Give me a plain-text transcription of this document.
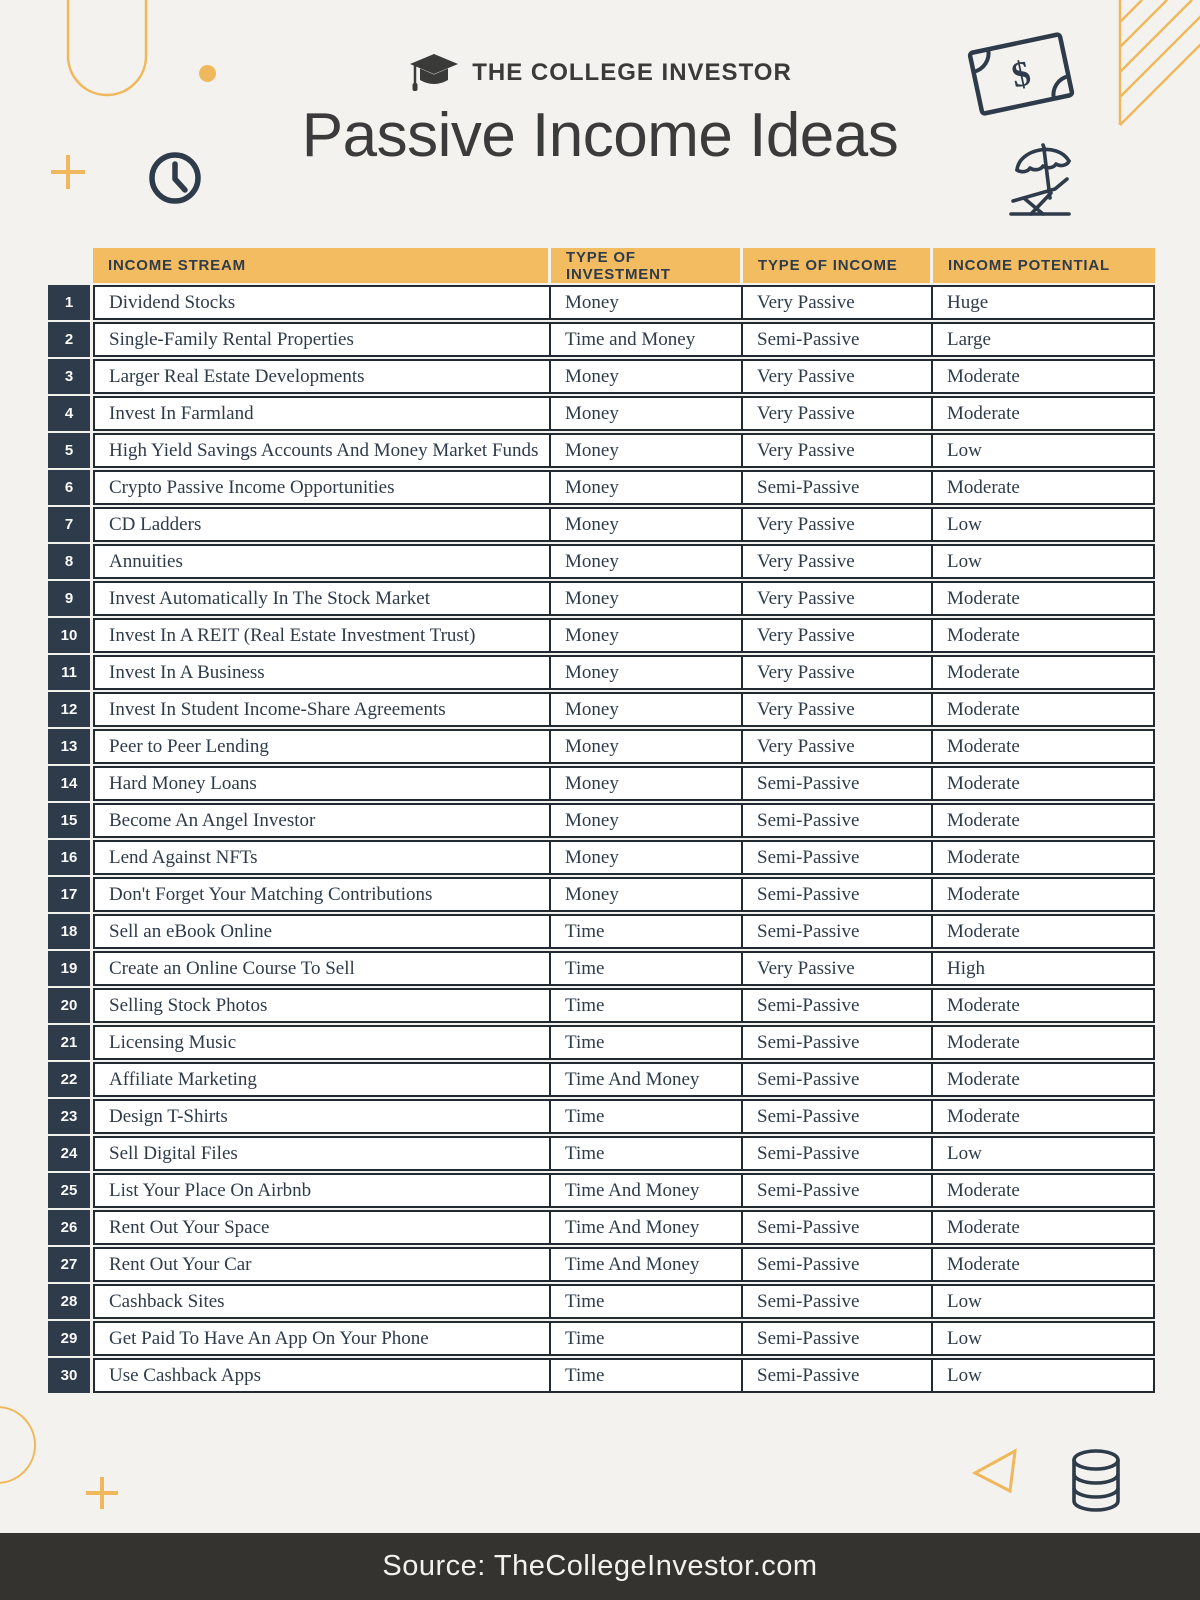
$
THE COLLEGE INVESTOR
Passive Income Ideas
INCOME STREAM	TYPE OF INVESTMENT	TYPE OF INCOME	INCOME POTENTIAL
1	Dividend Stocks	Money	Very Passive	Huge
2	Single-Family Rental Properties	Time and Money	Semi-Passive	Large
3	Larger Real Estate Developments	Money	Very Passive	Moderate
4	Invest In Farmland	Money	Very Passive	Moderate
5	High Yield Savings Accounts And Money Market Funds	Money	Very Passive	Low
6	Crypto Passive Income Opportunities	Money	Semi-Passive	Moderate
7	CD Ladders	Money	Very Passive	Low
8	Annuities	Money	Very Passive	Low
9	Invest Automatically In The Stock Market	Money	Very Passive	Moderate
10	Invest In A REIT (Real Estate Investment Trust)	Money	Very Passive	Moderate
11	Invest In A Business	Money	Very Passive	Moderate
12	Invest In Student Income-Share Agreements	Money	Very Passive	Moderate
13	Peer to Peer Lending	Money	Very Passive	Moderate
14	Hard Money Loans	Money	Semi-Passive	Moderate
15	Become An Angel Investor	Money	Semi-Passive	Moderate
16	Lend Against NFTs	Money	Semi-Passive	Moderate
17	Don't Forget Your Matching Contributions	Money	Semi-Passive	Moderate
18	Sell an eBook Online	Time	Semi-Passive	Moderate
19	Create an Online Course To Sell	Time	Very Passive	High
20	Selling Stock Photos	Time	Semi-Passive	Moderate
21	Licensing Music	Time	Semi-Passive	Moderate
22	Affiliate Marketing	Time And Money	Semi-Passive	Moderate
23	Design T-Shirts	Time	Semi-Passive	Moderate
24	Sell Digital Files	Time	Semi-Passive	Low
25	List Your Place On Airbnb	Time And Money	Semi-Passive	Moderate
26	Rent Out Your Space	Time And Money	Semi-Passive	Moderate
27	Rent Out Your Car	Time And Money	Semi-Passive	Moderate
28	Cashback Sites	Time	Semi-Passive	Low
29	Get Paid To Have An App On Your Phone	Time	Semi-Passive	Low
30	Use Cashback Apps	Time	Semi-Passive	Low
Source: TheCollegeInvestor.com
